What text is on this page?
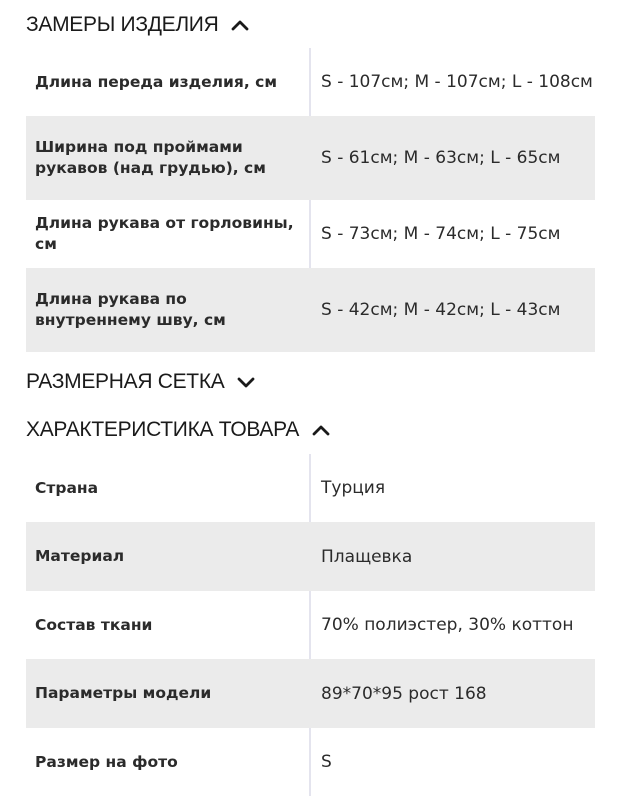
ЗАМЕРЫ ИЗДЕЛИЯ
Длина переда изделия, см	S - 107см; M - 107см; L - 108см
Ширина под проймами рукавов (над грудью), см	S - 61см; M - 63см; L - 65см
Длина рукава от горловины, см	S - 73см; M - 74см; L - 75см
Длина рукава по внутреннему шву, см	S - 42см; M - 42см; L - 43см
РАЗМЕРНАЯ СЕТКА
ХАРАКТЕРИСТИКА ТОВАРА
Страна	Турция
Материал	Плащевка
Состав ткани	70% полиэстер, 30% коттон
Параметры модели	89*70*95 рост 168
Размер на фото	S
